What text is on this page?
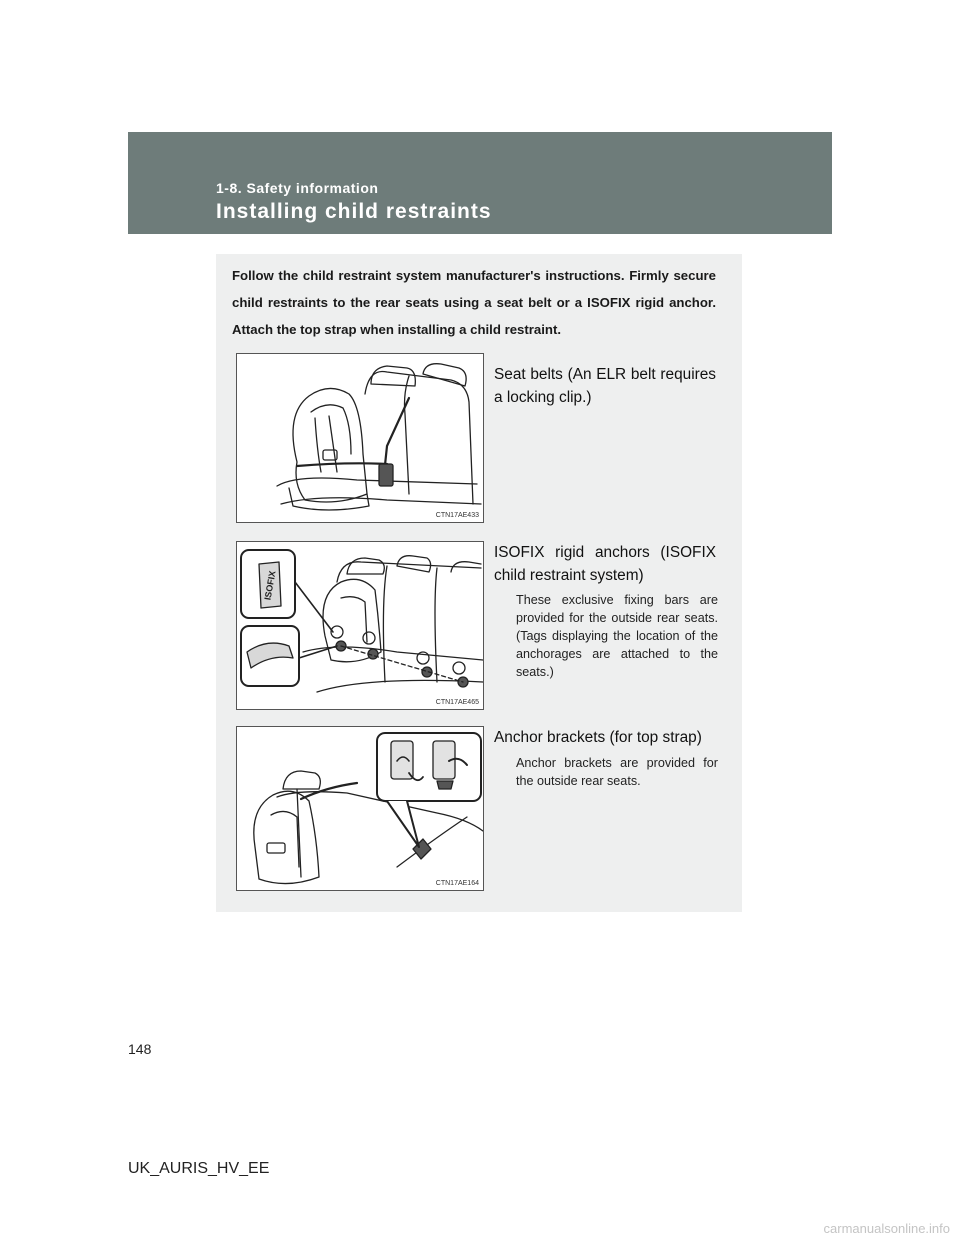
1-8. Safety information
Installing child restraints
Follow the child restraint system manufacturer's instructions. Firmly secure child restraints to the rear seats using a seat belt or a ISOFIX rigid anchor. Attach the top strap when installing a child restraint.
CTN17AE433
Seat belts (An ELR belt requires a locking clip.)
ISOFIX
CTN17AE465
ISOFIX rigid anchors (ISOFIX child restraint system)
These exclusive fixing bars are provided for the outside rear seats. (Tags displaying the location of the anchorages are attached to the seats.)
CTN17AE164
Anchor brackets (for top strap)
Anchor brackets are provided for the outside rear seats.
148
UK_AURIS_HV_EE
carmanualsonline.info
